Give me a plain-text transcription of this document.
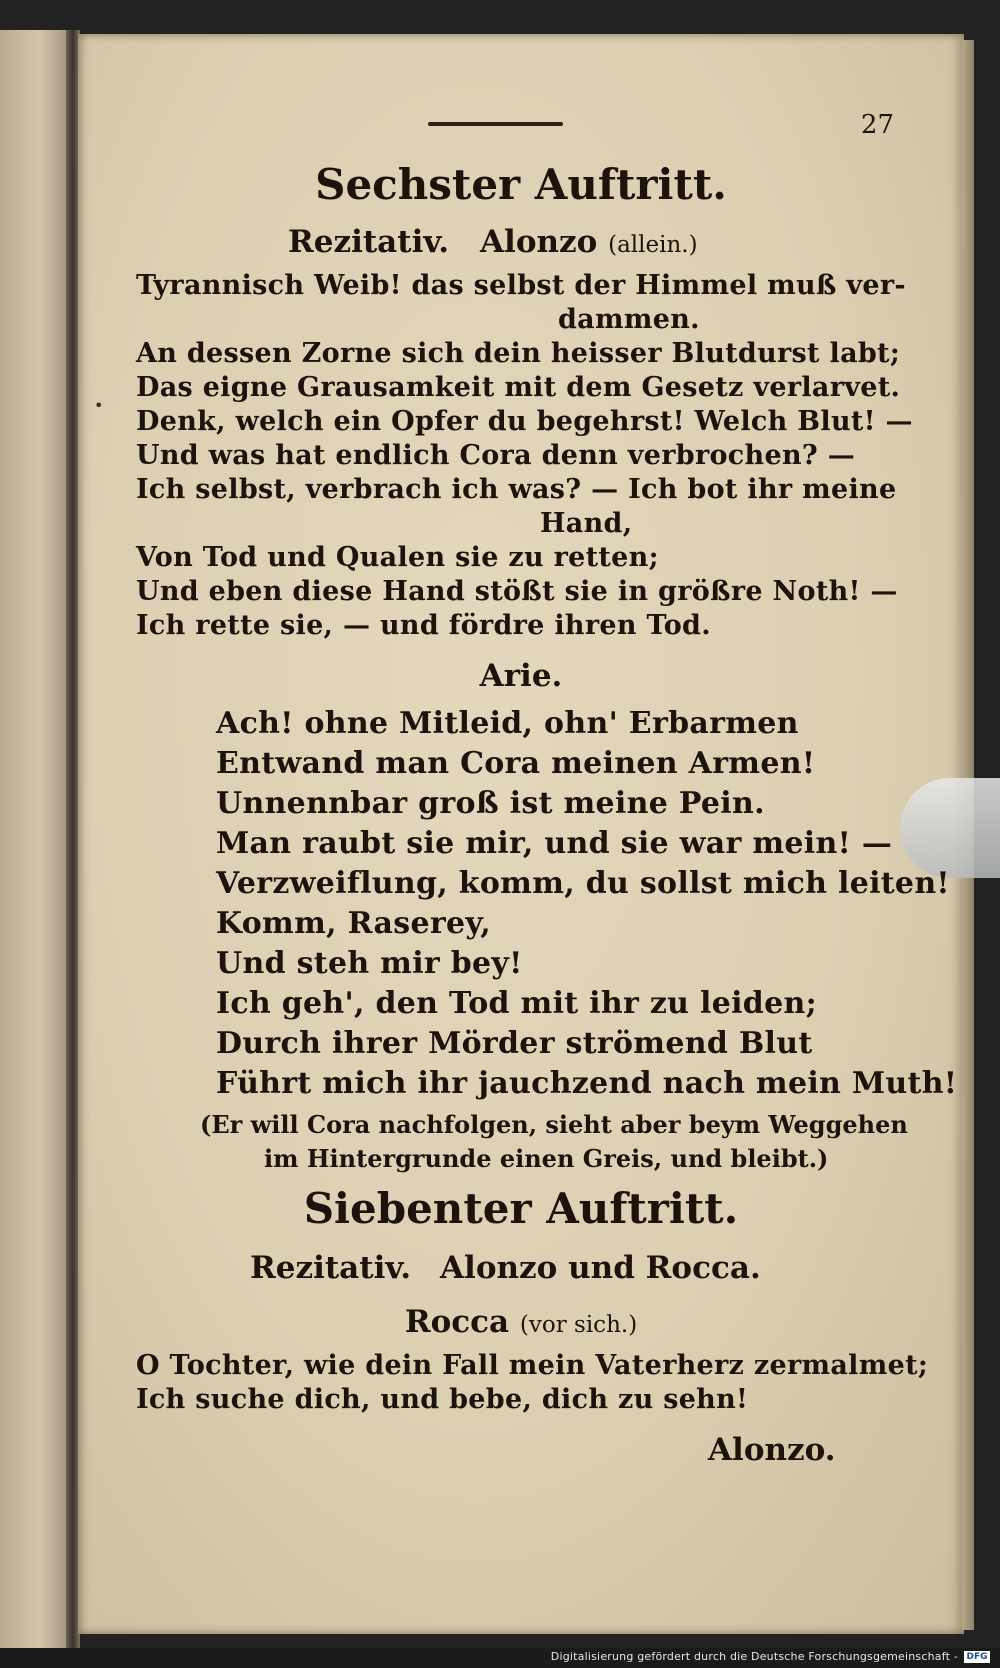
27
•
Sechster Auftritt.
Rezitativ. Alonzo (allein.)
Tyrannisch Weib! das selbst der Himmel muß ver-
dammen.
An dessen Zorne sich dein heisser Blutdurst labt;
Das eigne Grausamkeit mit dem Gesetz verlarvet.
Denk, welch ein Opfer du begehrst! Welch Blut! —
Und was hat endlich Cora denn verbrochen? —
Ich selbst, verbrach ich was? — Ich bot ihr meine
Hand,
Von Tod und Qualen sie zu retten;
Und eben diese Hand stößt sie in größre Noth! —
Ich rette sie, — und fördre ihren Tod.
Arie.
Ach! ohne Mitleid, ohn' Erbarmen
Entwand man Cora meinen Armen!
Unnennbar groß ist meine Pein.
Man raubt sie mir, und sie war mein! —
Verzweiflung, komm, du sollst mich leiten!
Komm, Raserey,
Und steh mir bey!
Ich geh', den Tod mit ihr zu leiden;
Durch ihrer Mörder strömend Blut
Führt mich ihr jauchzend nach mein Muth!
(Er will Cora nachfolgen, sieht aber beym Weggehen
im Hintergrunde einen Greis, und bleibt.)
Siebenter Auftritt.
Rezitativ. Alonzo und Rocca.
Rocca (vor sich.)
O Tochter, wie dein Fall mein Vaterherz zermalmet;
Ich suche dich, und bebe, dich zu sehn!
Alonzo.
Digitalisierung gefördert durch die Deutsche Forschungsgemeinschaft - DFG
